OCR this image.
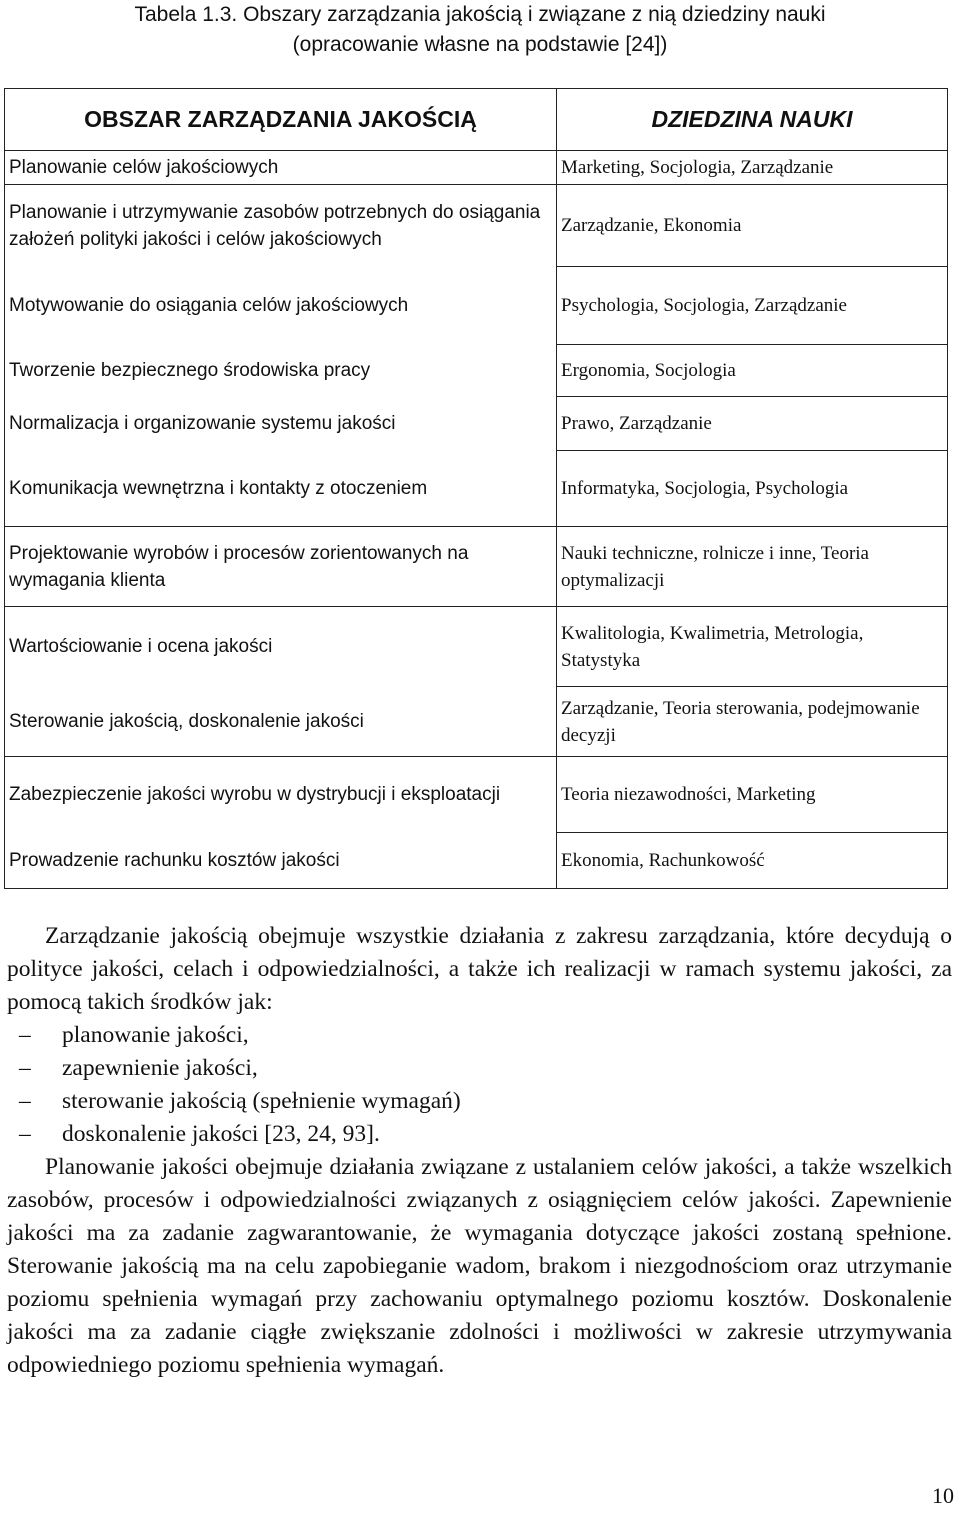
Tabela 1.3. Obszary zarządzania jakością i związane z nią dziedziny nauki
(opracowanie własne na podstawie [24])
OBSZAR ZARZĄDZANIA JAKOŚCIĄ	DZIEDZINA NAUKI
Planowanie celów jakościowych	Marketing, Socjologia, Zarządzanie
Planowanie i utrzymywanie zasobów potrzebnych do osiągania założeń polityki jakości i celów jakościowych	Zarządzanie, Ekonomia
Motywowanie do osiągania celów jakościowych	Psychologia, Socjologia, Zarządzanie
Tworzenie bezpiecznego środowiska pracy	Ergonomia, Socjologia
Normalizacja i organizowanie systemu jakości	Prawo, Zarządzanie
Komunikacja wewnętrzna i kontakty z otoczeniem	Informatyka, Socjologia, Psychologia
Projektowanie wyrobów i procesów zorientowanych na wymagania klienta	Nauki techniczne, rolnicze i inne, Teoria optymalizacji
Wartościowanie i ocena jakości	Kwalitologia, Kwalimetria, Metrologia, Statystyka
Sterowanie jakością, doskonalenie jakości	Zarządzanie, Teoria sterowania, podejmowanie decyzji
Zabezpieczenie jakości wyrobu w dystrybucji i eksploatacji	Teoria niezawodności, Marketing
Prowadzenie rachunku kosztów jakości	Ekonomia, Rachunkowość

Zarządzanie jakością obejmuje wszystkie działania z zakresu zarządzania, które decydują o polityce jakości, celach i odpowiedzialności, a także ich realizacji w ramach systemu jakości, za pomocą takich środków jak:

–	planowanie jakości,
–	zapewnienie jakości,
–	sterowanie jakością (spełnienie wymagań)
–	doskonalenie jakości [23, 24, 93].

Planowanie jakości obejmuje działania związane z ustalaniem celów jakości, a także wszelkich zasobów, procesów i odpowiedzialności związanych z osiągnięciem celów jakości. Zapewnienie jakości ma za zadanie zagwarantowanie, że wymagania dotyczące jakości zostaną spełnione. Sterowanie jakością ma na celu zapobieganie wadom, brakom i niezgodnościom oraz utrzymanie poziomu spełnienia wymagań przy zachowaniu optymalnego poziomu kosztów. Doskonalenie jakości ma za zadanie ciągłe zwiększanie zdolności i możliwości w zakresie utrzymywania odpowiedniego poziomu spełnienia wymagań.

10
